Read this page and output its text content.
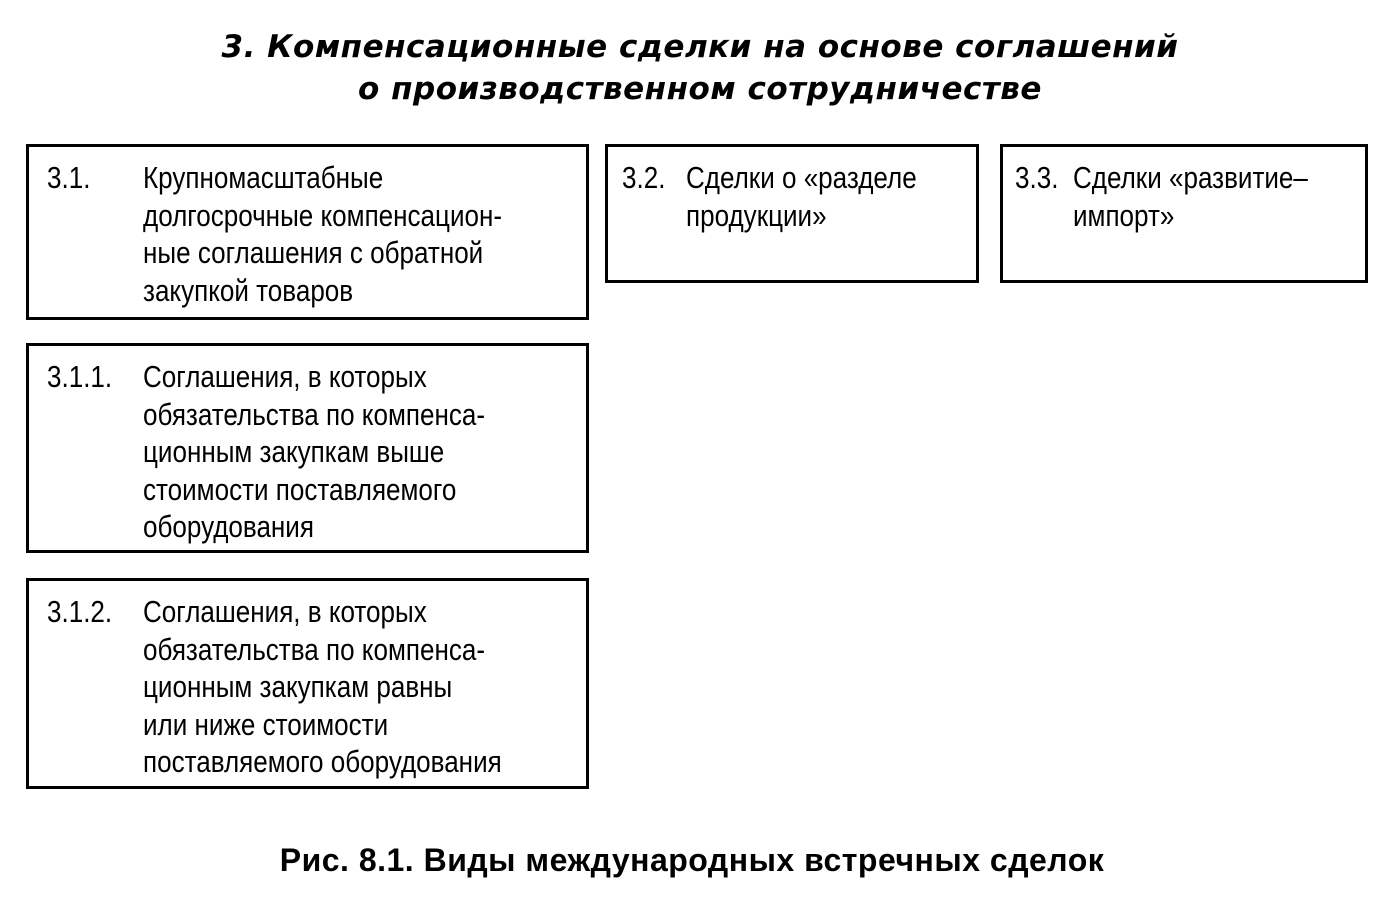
3. Компенсационные сделки на основе соглашений
о производственном сотрудничестве
3.1. Крупномасштабные
долгосрочные компенсацион-
ные соглашения с обратной
закупкой товаров
3.1.1. Соглашения, в которых
обязательства по компенса-
ционным закупкам выше
стоимости поставляемого
оборудования
3.1.2. Соглашения, в которых
обязательства по компенса-
ционным закупкам равны
или ниже стоимости
поставляемого оборудования
3.2. Сделки о «разделе
продукции»
3.3. Сделки «развитие–
импорт»
Рис. 8.1. Виды международных встречных сделок
